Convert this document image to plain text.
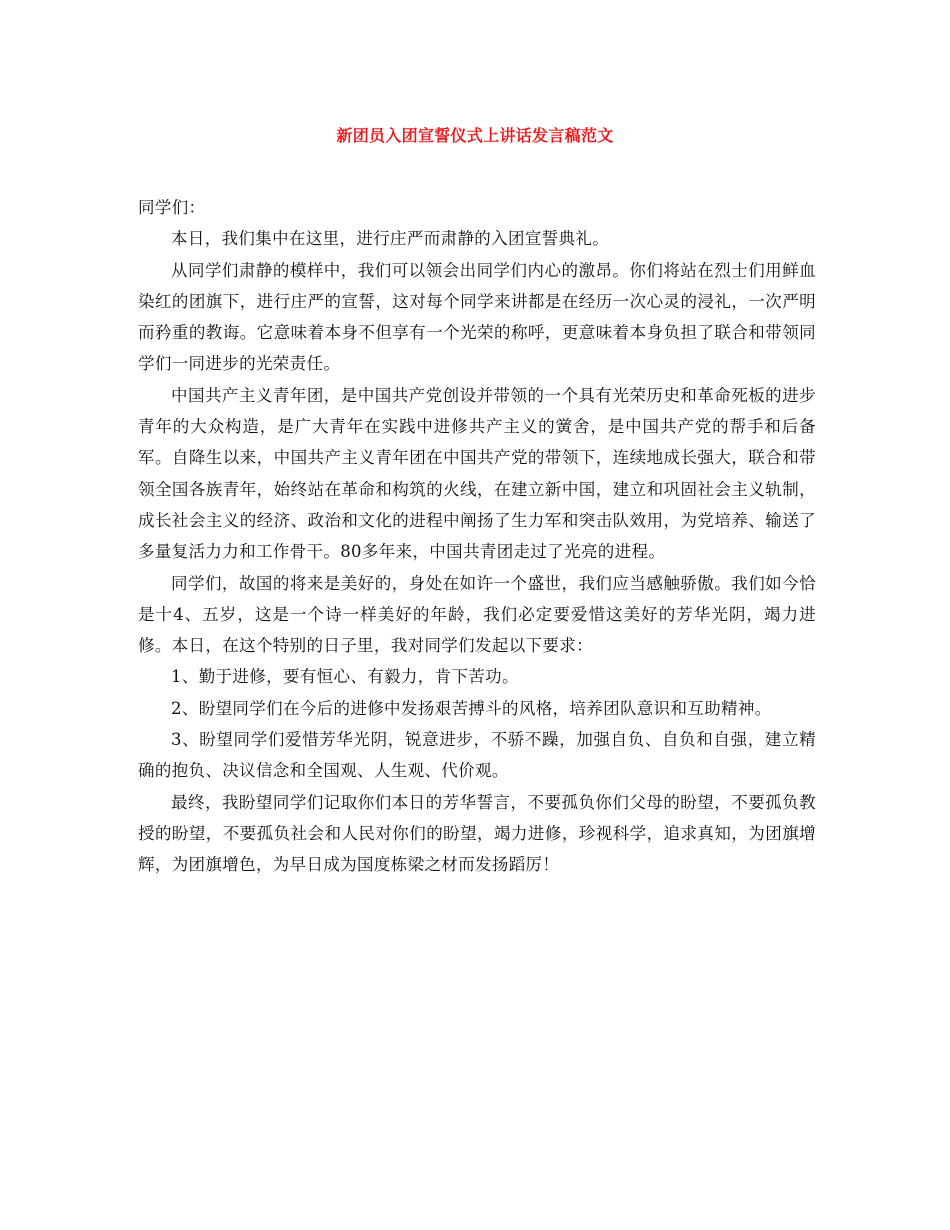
新团员入团宣誓仪式上讲话发言稿范文

同学们：

本日，我们集中在这里，进行庄严而肃静的入团宣誓典礼。

从同学们肃静的模样中，我们可以领会出同学们内心的激昂。你们将站在烈士们用鲜血染红的团旗下，进行庄严的宣誓，这对每个同学来讲都是在经历一次心灵的浸礼，一次严明而矜重的教诲。它意味着本身不但享有一个光荣的称呼，更意味着本身负担了联合和带领同学们一同进步的光荣责任。

中国共产主义青年团，是中国共产党创设并带领的一个具有光荣历史和革命死板的进步青年的大众构造，是广大青年在实践中进修共产主义的黉舍，是中国共产党的帮手和后备军。自降生以来，中国共产主义青年团在中国共产党的带领下，连续地成长强大，联合和带领全国各族青年，始终站在革命和构筑的火线，在建立新中国，建立和巩固社会主义轨制，成长社会主义的经济、政治和文化的进程中阐扬了生力军和突击队效用，为党培养、输送了多量复活力力和工作骨干。80多年来，中国共青团走过了光亮的进程。

同学们，故国的将来是美好的，身处在如许一个盛世，我们应当感触骄傲。我们如今恰是十4、五岁，这是一个诗一样美好的年龄，我们必定要爱惜这美好的芳华光阴，竭力进修。本日，在这个特别的日子里，我对同学们发起以下要求：

1、勤于进修，要有恒心、有毅力，肯下苦功。

2、盼望同学们在今后的进修中发扬艰苦搏斗的风格，培养团队意识和互助精神。

3、盼望同学们爱惜芳华光阴，锐意进步，不骄不躁，加强自负、自负和自强，建立精确的抱负、决议信念和全国观、人生观、代价观。

最终，我盼望同学们记取你们本日的芳华誓言，不要孤负你们父母的盼望，不要孤负教授的盼望，不要孤负社会和人民对你们的盼望，竭力进修，珍视科学，追求真知，为团旗增辉，为团旗增色，为早日成为国度栋梁之材而发扬蹈厉！
